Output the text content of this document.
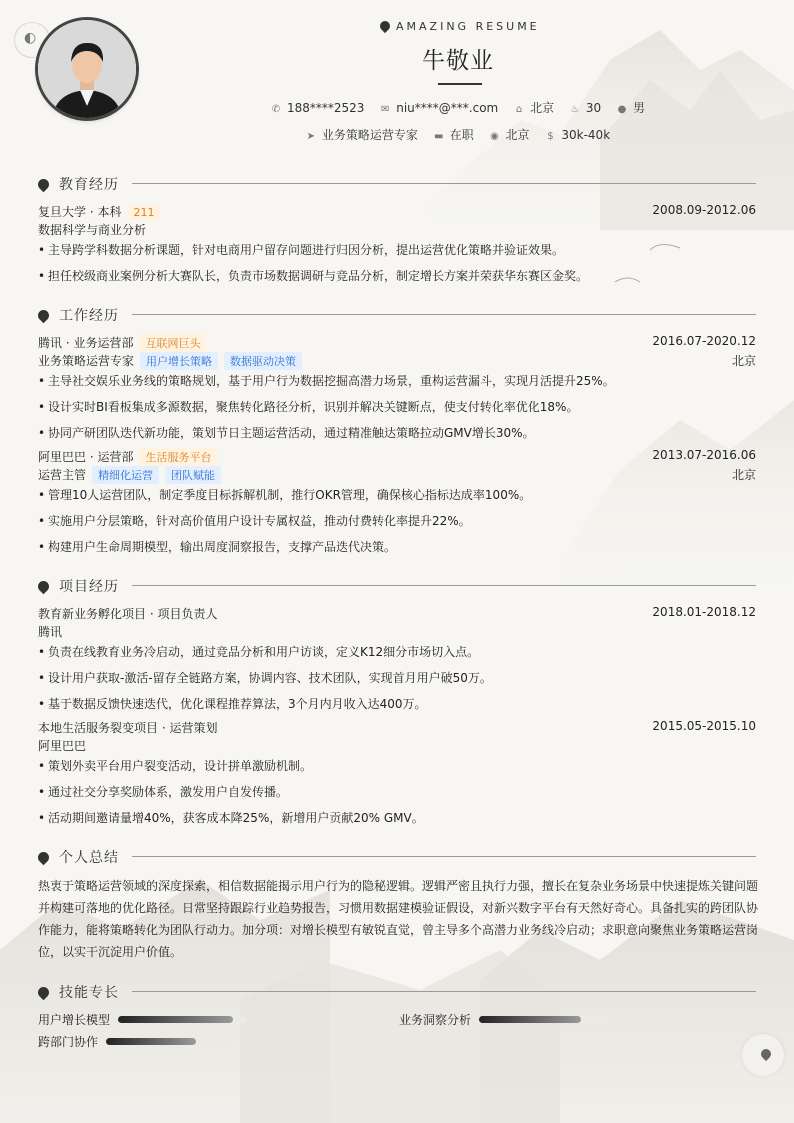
◐
AMAZING RESUME
牛敬业
✆ 188****2523 ✉ niu****@***.com ⌂ 北京 ♨ 30 ● 男
➤ 业务策略运营专家 ▬ 在职 ◉ 北京 $ 30k-40k
教育经历
复旦大学 · 本科 211	2008.09-2012.06
数据科学与商业分析
• 主导跨学科数据分析课题，针对电商用户留存问题进行归因分析，提出运营优化策略并验证效果。
• 担任校级商业案例分析大赛队长，负责市场数据调研与竞品分析，制定增长方案并荣获华东赛区金奖。
工作经历
腾讯 · 业务运营部 互联网巨头	2016.07-2020.12
业务策略运营专家 用户增长策略 数据驱动决策	北京
• 主导社交娱乐业务线的策略规划，基于用户行为数据挖掘高潜力场景，重构运营漏斗，实现月活提升25%。
• 设计实时BI看板集成多源数据，聚焦转化路径分析，识别并解决关键断点，使支付转化率优化18%。
• 协同产研团队迭代新功能，策划节日主题运营活动，通过精准触达策略拉动GMV增长30%。
阿里巴巴 · 运营部 生活服务平台	2013.07-2016.06
运营主管 精细化运营 团队赋能	北京
• 管理10人运营团队，制定季度目标拆解机制，推行OKR管理，确保核心指标达成率100%。
• 实施用户分层策略，针对高价值用户设计专属权益，推动付费转化率提升22%。
• 构建用户生命周期模型，输出周度洞察报告，支撑产品迭代决策。
项目经历
教育新业务孵化项目 · 项目负责人	2018.01-2018.12
腾讯
• 负责在线教育业务冷启动，通过竞品分析和用户访谈，定义K12细分市场切入点。
• 设计用户获取-激活-留存全链路方案，协调内容、技术团队，实现首月用户破50万。
• 基于数据反馈快速迭代，优化课程推荐算法，3个月内月收入达400万。
本地生活服务裂变项目 · 运营策划	2015.05-2015.10
阿里巴巴
• 策划外卖平台用户裂变活动，设计拼单激励机制。
• 通过社交分享奖励体系，激发用户自发传播。
• 活动期间邀请量增40%，获客成本降25%，新增用户贡献20% GMV。
个人总结
热衷于策略运营领域的深度探索，相信数据能揭示用户行为的隐秘逻辑。逻辑严密且执行力强，擅长在复杂业务场景中快速提炼关键问题并构建可落地的优化路径。日常坚持跟踪行业趋势报告，习惯用数据建模验证假设，对新兴数字平台有天然好奇心。具备扎实的跨团队协作能力，能将策略转化为团队行动力。加分项：对增长模型有敏锐直觉，曾主导多个高潜力业务线冷启动；求职意向聚焦业务策略运营岗位，以实干沉淀用户价值。
技能专长
用户增长模型	业务洞察分析
跨部门协作
